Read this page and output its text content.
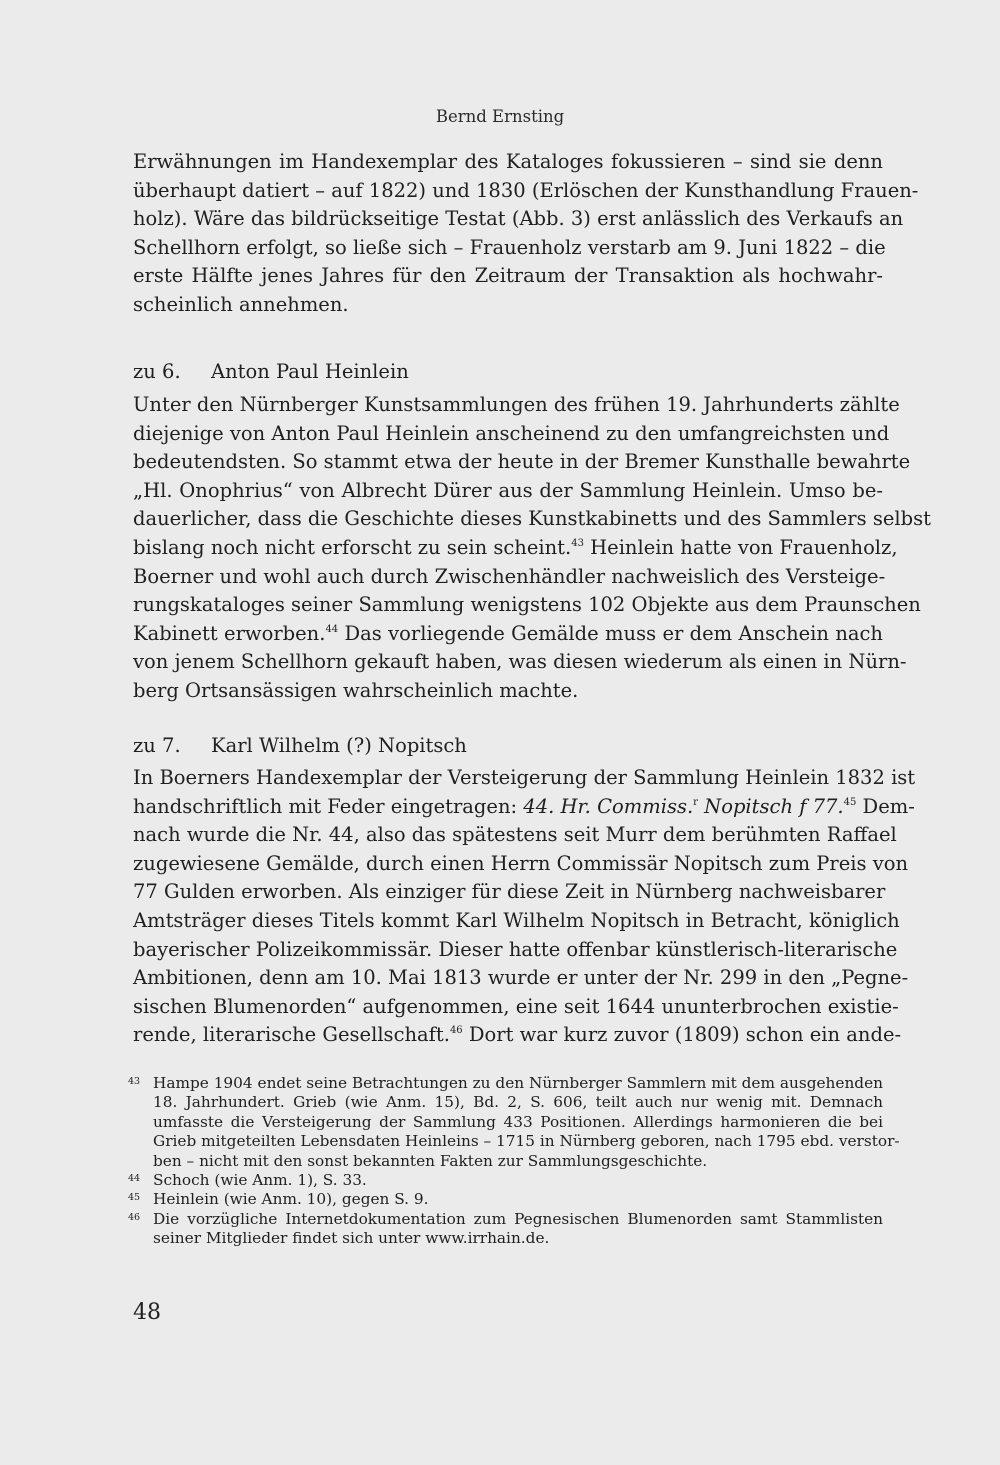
Bernd Ernsting
Erwähnungen im Handexemplar des Kataloges fokussieren – sind sie denn
überhaupt datiert – auf 1822) und 1830 (Erlöschen der Kunsthandlung Frauen-
holz). Wäre das bildrückseitige Testat (Abb. 3) erst anlässlich des Verkaufs an
Schellhorn erfolgt, so ließe sich – Frauenholz verstarb am 9. Juni 1822 – die
erste Hälfte jenes Jahres für den Zeitraum der Transaktion als hochwahr-
scheinlich annehmen.
zu 6. Anton Paul Heinlein
Unter den Nürnberger Kunstsammlungen des frühen 19. Jahrhunderts zählte
diejenige von Anton Paul Heinlein anscheinend zu den umfangreichsten und
bedeutendsten. So stammt etwa der heute in der Bremer Kunsthalle bewahrte
„Hl. Onophrius“ von Albrecht Dürer aus der Sammlung Heinlein. Umso be-
dauerlicher, dass die Geschichte dieses Kunstkabinetts und des Sammlers selbst
bislang noch nicht erforscht zu sein scheint.$^{43}$ Heinlein hatte von Frauenholz,
Boerner und wohl auch durch Zwischenhändler nachweislich des Versteige-
rungskataloges seiner Sammlung wenigstens 102 Objekte aus dem Praunschen
Kabinett erworben.$^{44}$ Das vorliegende Gemälde muss er dem Anschein nach
von jenem Schellhorn gekauft haben, was diesen wiederum als einen in Nürn-
berg Ortsansässigen wahrscheinlich machte.
zu 7. Karl Wilhelm (?) Nopitsch
In Boerners Handexemplar der Versteigerung der Sammlung Heinlein 1832 ist
handschriftlich mit Feder eingetragen: 44. Hr. Commiss.$^r$ Nopitsch f 77.45 Dem-
nach wurde die Nr. 44, also das spätestens seit Murr dem berühmten Raffael
zugewiesene Gemälde, durch einen Herrn Commissär Nopitsch zum Preis von
77 Gulden erworben. Als einziger für diese Zeit in Nürnberg nachweisbarer
Amtsträger dieses Titels kommt Karl Wilhelm Nopitsch in Betracht, königlich
bayerischer Polizeikommissär. Dieser hatte offenbar künstlerisch-literarische
Ambitionen, denn am 10. Mai 1813 wurde er unter der Nr. 299 in den „Pegne-
sischen Blumenorden“ aufgenommen, eine seit 1644 ununterbrochen existie-
rende, literarische Gesellschaft.$^{46}$ Dort war kurz zuvor (1809) schon ein ande-
43 Hampe 1904 endet seine Betrachtungen zu den Nürnberger Sammlern mit dem ausgehenden
18. Jahrhundert. Grieb (wie Anm. 15), Bd. 2, S. 606, teilt auch nur wenig mit. Demnach
umfasste die Versteigerung der Sammlung 433 Positionen. Allerdings harmonieren die bei
Grieb mitgeteilten Lebensdaten Heinleins – 1715 in Nürnberg geboren, nach 1795 ebd. verstor-
ben – nicht mit den sonst bekannten Fakten zur Sammlungsgeschichte.
44 Schoch (wie Anm. 1), S. 33.
45 Heinlein (wie Anm. 10), gegen S. 9.
46 Die vorzügliche Internetdokumentation zum Pegnesischen Blumenorden samt Stammlisten
seiner Mitglieder findet sich unter www.irrhain.de.
48
